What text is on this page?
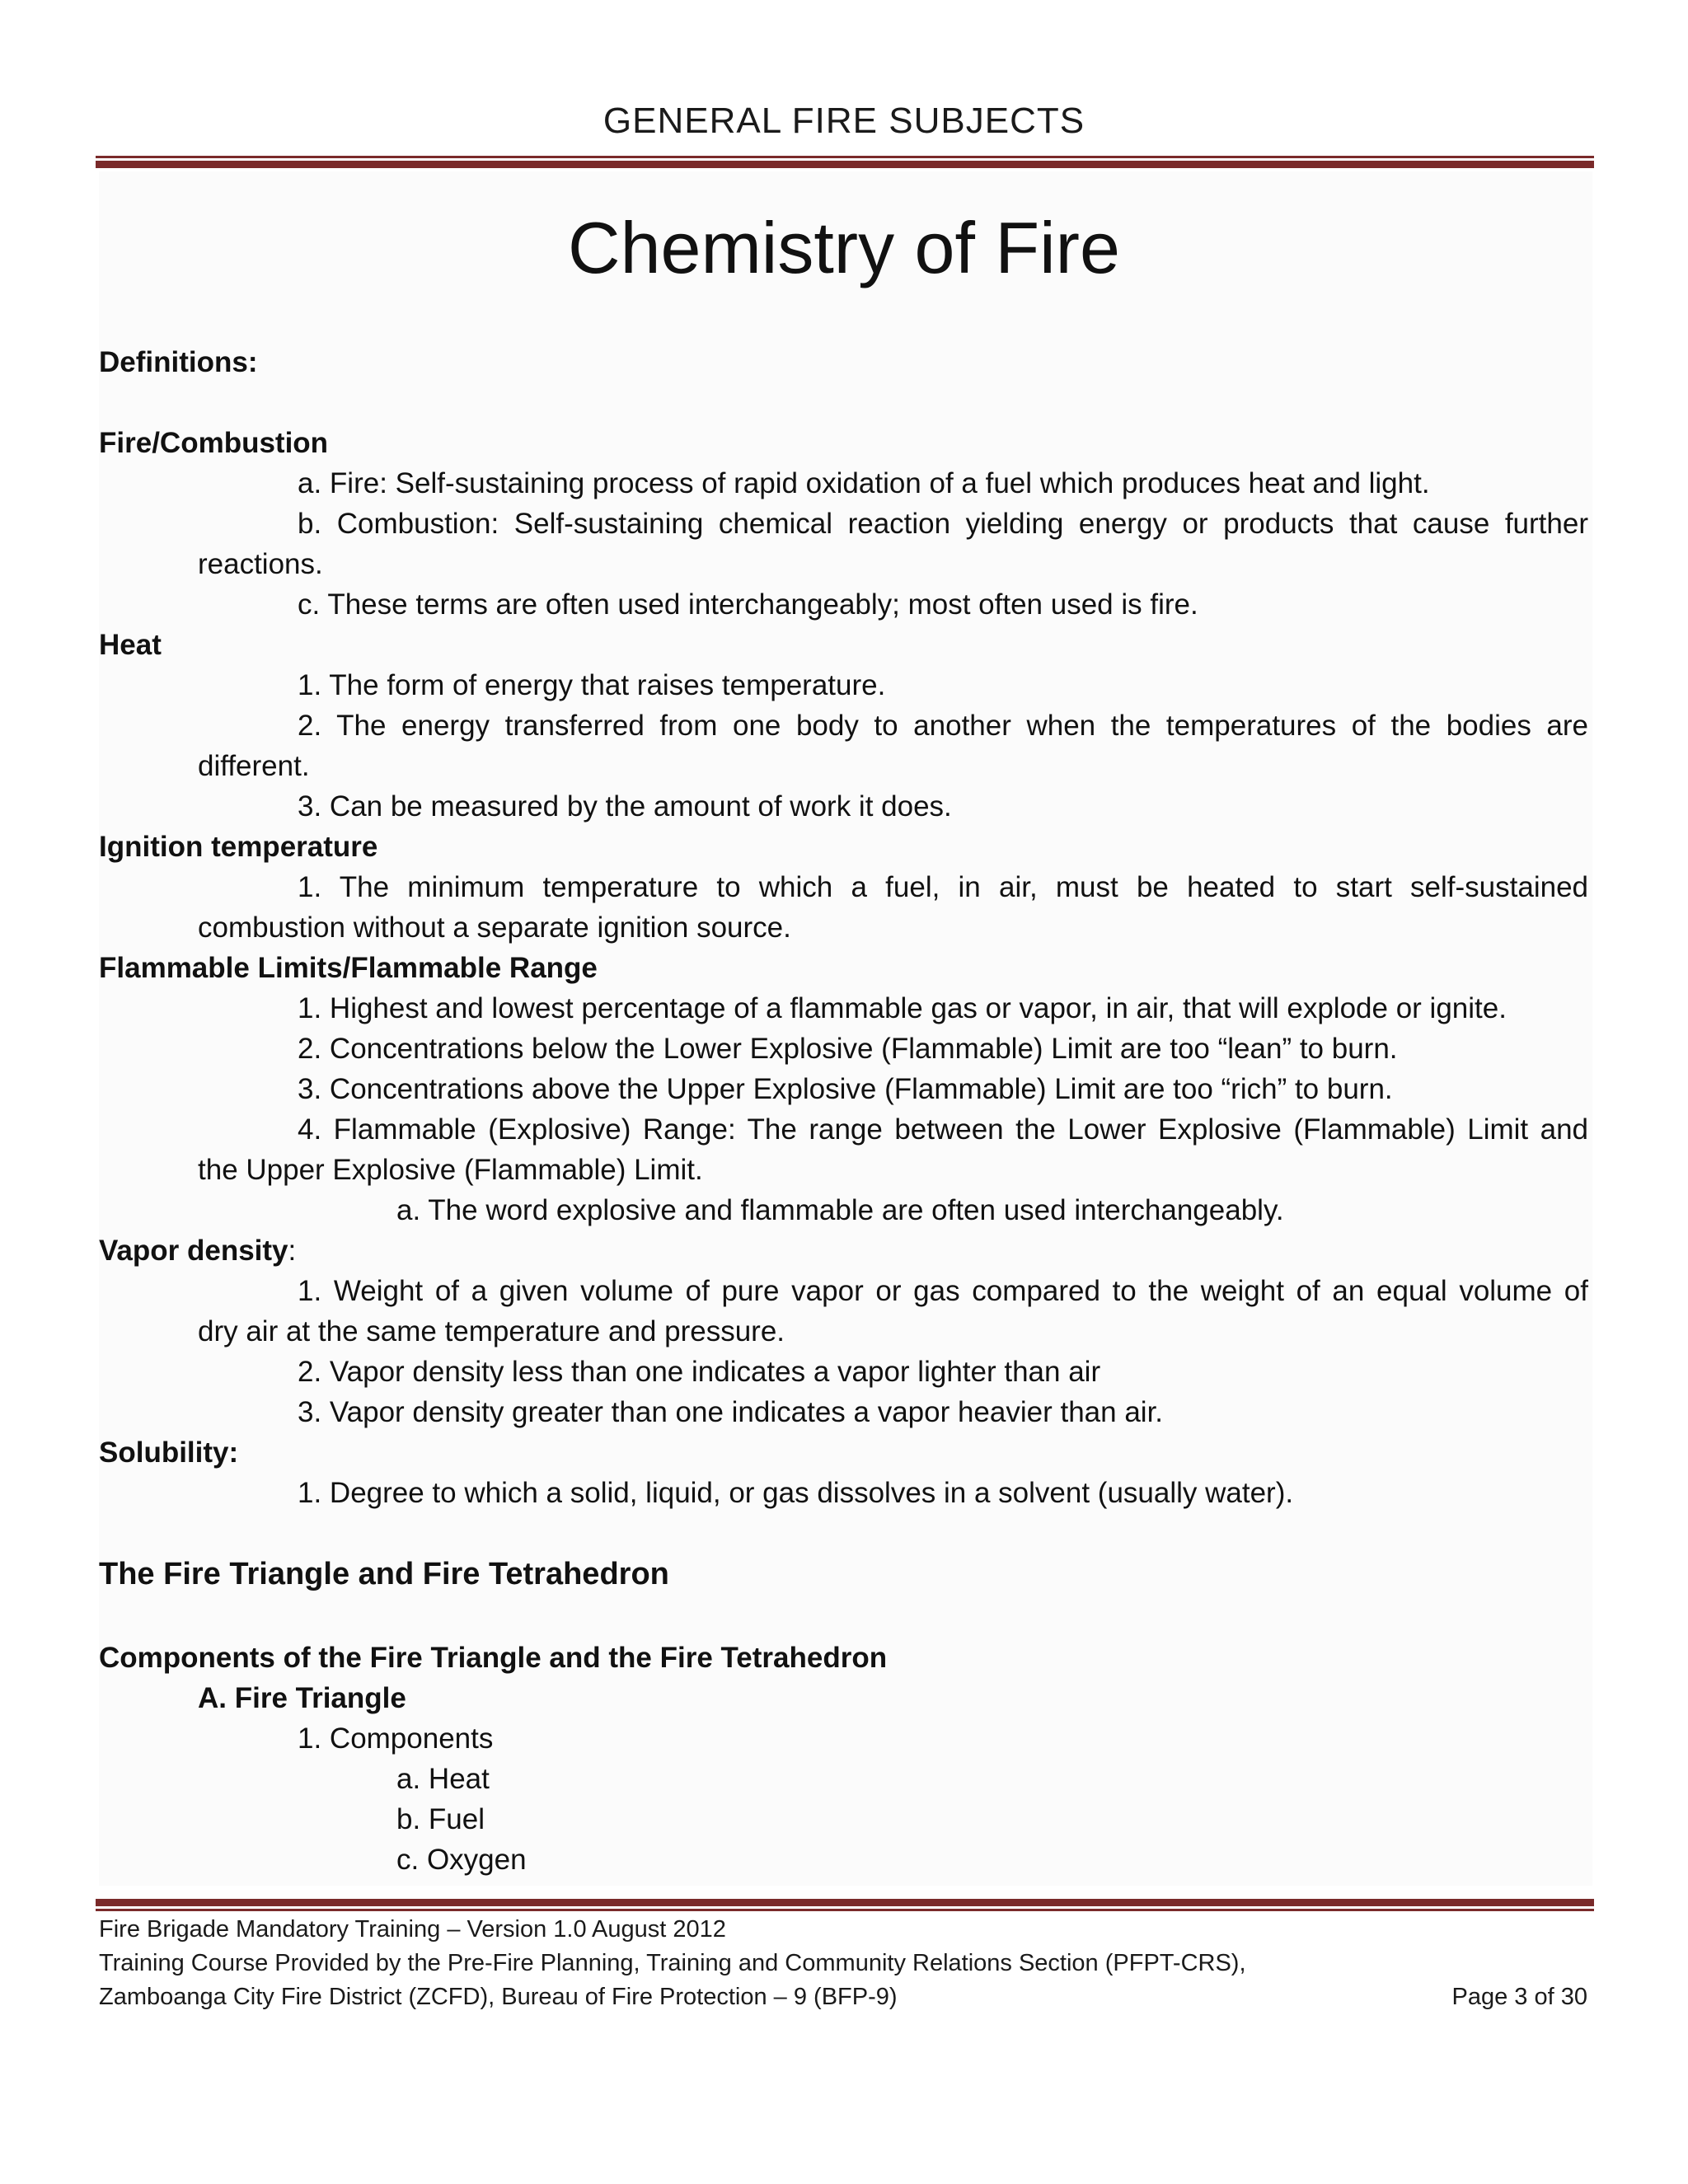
GENERAL FIRE SUBJECTS
Chemistry of Fire
Definitions:
Fire/Combustion
a. Fire: Self-sustaining process of rapid oxidation of a fuel which produces heat and light.
b. Combustion: Self-sustaining chemical reaction yielding energy or products that cause further
reactions.
c. These terms are often used interchangeably; most often used is fire.
Heat
1. The form of energy that raises temperature.
2. The energy transferred from one body to another when the temperatures of the bodies are
different.
3. Can be measured by the amount of work it does.
Ignition temperature
1. The minimum temperature to which a fuel, in air, must be heated to start self-sustained
combustion without a separate ignition source.
Flammable Limits/Flammable Range
1. Highest and lowest percentage of a flammable gas or vapor, in air, that will explode or ignite.
2. Concentrations below the Lower Explosive (Flammable) Limit are too “lean” to burn.
3. Concentrations above the Upper Explosive (Flammable) Limit are too “rich” to burn.
4. Flammable (Explosive) Range: The range between the Lower Explosive (Flammable) Limit and
the Upper Explosive (Flammable) Limit.
a. The word explosive and flammable are often used interchangeably.
Vapor density:
1. Weight of a given volume of pure vapor or gas compared to the weight of an equal volume of
dry air at the same temperature and pressure.
2. Vapor density less than one indicates a vapor lighter than air
3. Vapor density greater than one indicates a vapor heavier than air.
Solubility:
1. Degree to which a solid, liquid, or gas dissolves in a solvent (usually water).
The Fire Triangle and Fire Tetrahedron
Components of the Fire Triangle and the Fire Tetrahedron
A. Fire Triangle
1. Components
a. Heat
b. Fuel
c. Oxygen
Fire Brigade Mandatory Training – Version 1.0 August 2012
Training Course Provided by the Pre-Fire Planning, Training and Community Relations Section (PFPT-CRS),
Zamboanga City Fire District (ZCFD), Bureau of Fire Protection – 9 (BFP-9)	Page 3 of 30
